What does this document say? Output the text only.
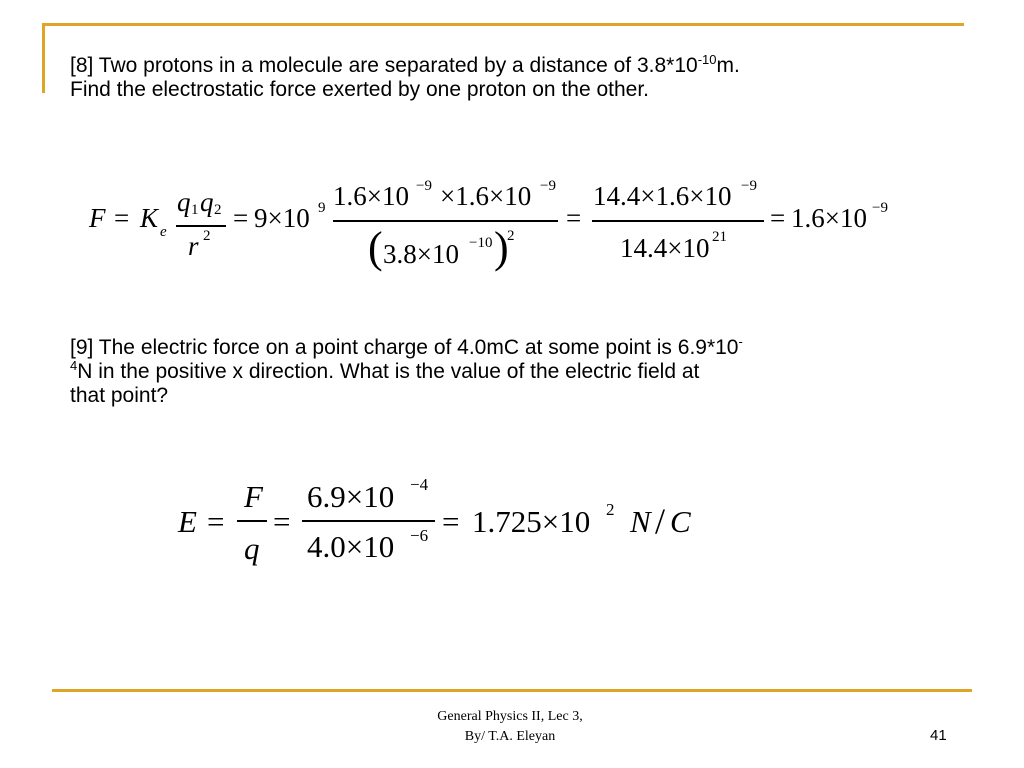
[8] Two protons in a molecule are separated by a distance of $3.8*10^{-10}m$.
Find the electrostatic force exerted by one proton on the other.
F = K e
q 1 q 2
r 2
= 9×10 9 1.6×10 −9 ×1.6×10 −9
( 3.8×10 −10 )
2
=
14.4×1.6×10 −9
14.4×10 21
= 1.6×10 −9
[9] The electric force on a point charge of 4.0mC at some point is 6.9*10-
$^4$N in the positive x direction. What is the value of the electric field at
that point?
E =
F
q
=
6.9×10 −4
4.0×10 −6 = 1.725×10 2 N / C
General Physics II, Lec 3,
By/ T.A. Eleyan	41
